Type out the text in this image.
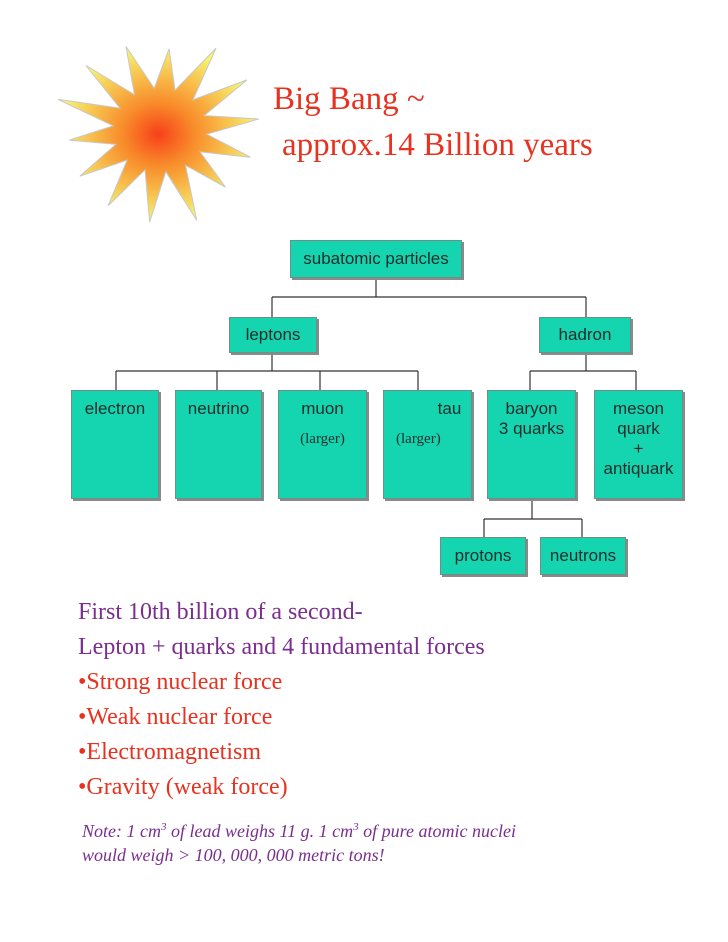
Big Bang ~
approx.14 Billion years
subatomic particles
leptons	hadron
electron	neutrino	muon
(larger)
tau
(larger)
baryon
3 quarks
meson
quark
+
antiquark
protons	neutrons
First 10th billion of a second-
Lepton + quarks and 4 fundamental forces
•Strong nuclear force
•Weak nuclear force
•Electromagnetism
•Gravity (weak force)
Note: 1 $cm^3$ of lead weighs 11 g. 1 $cm^3$ of pure atomic nuclei
would weigh > 100, 000, 000 metric tons!
